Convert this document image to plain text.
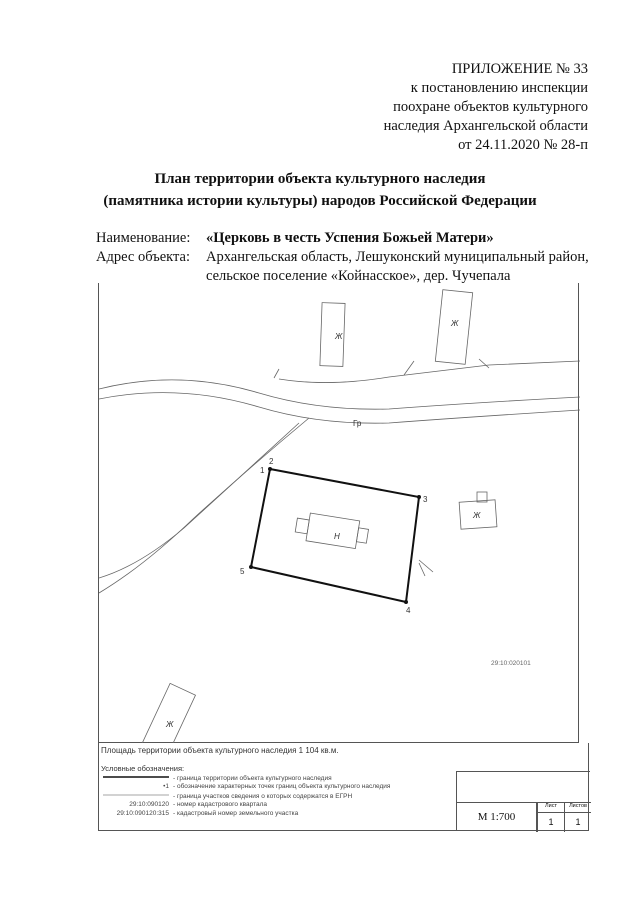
ПРИЛОЖЕНИЕ № 33
к постановлению инспекции
поохране объектов культурного
наследия Архангельской области
от 24.11.2020 № 28-п
План территории объекта культурного наследия
(памятника истории культуры) народов Российской Федерации
Наименование:	«Церковь в честь Успения Божьей Матери»
Адрес объекта:	Архангельская область, Лешуконский муниципальный район,
сельское поселение «Койнасское», дер. Чучепала
Ж
Ж
Ж
Ж
Н
Гр
1
2
3
4
5
29:10:020101
Площадь территории объекта культурного наследия 1 104 кв.м.
Условные обозначения:
- граница территории объекта культурного наследия
•1 - обозначение характерных точек границ объекта культурного наследия
- граница участков сведения о которых содержатся в ЕГРН
29:10:090120 - номер кадастрового квартала
29:10:090120:315 - кадастровый номер земельного участка	М 1:700
Лист	Листов
1	1
